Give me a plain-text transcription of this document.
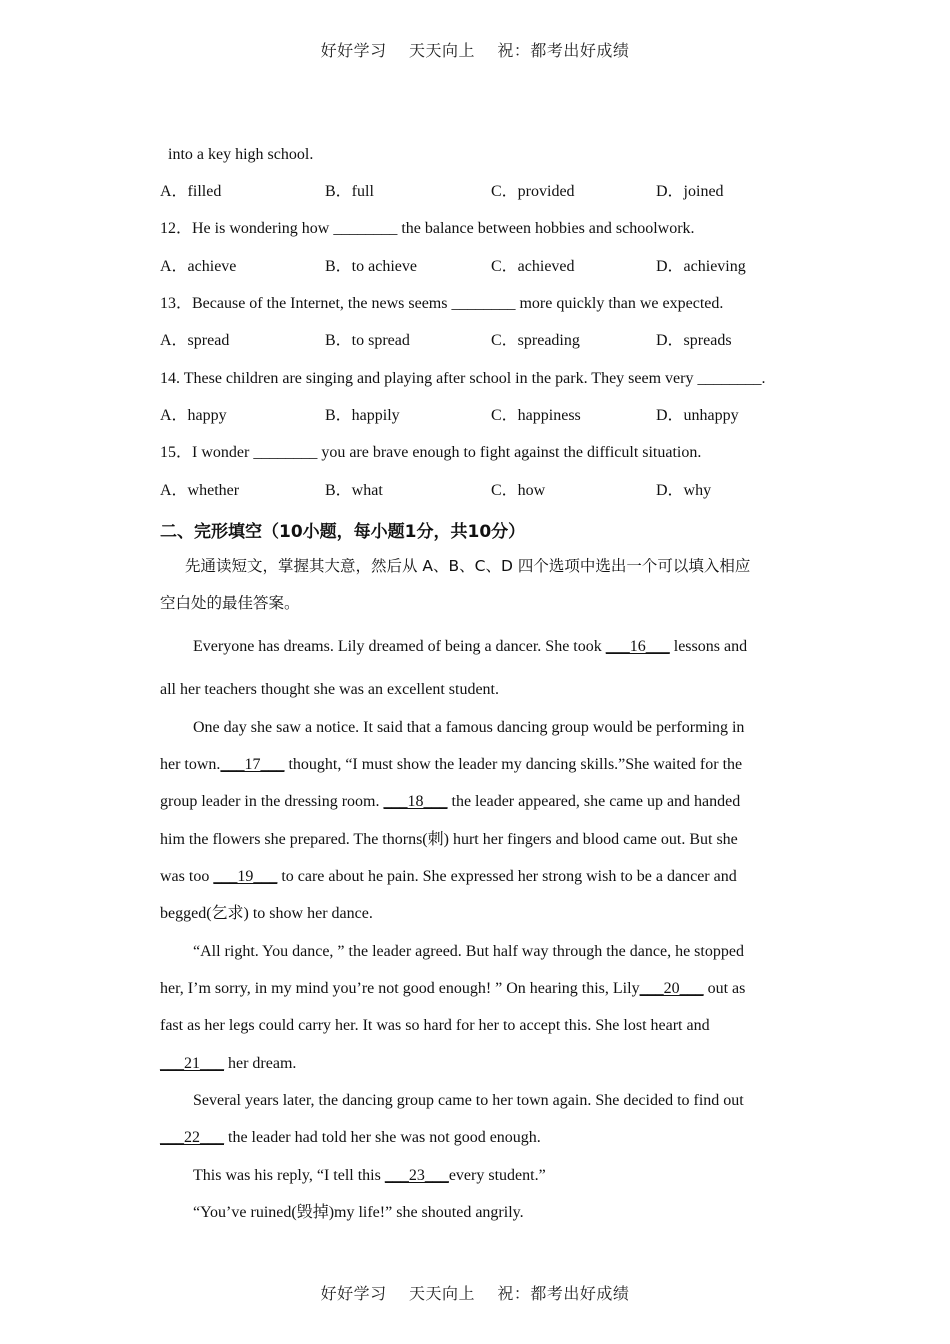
好好学习 天天向上 祝：都考出好成绩
into a key high school.
A．filled	B．full	C．provided	D．joined
12．He is wondering how ________ the balance between hobbies and schoolwork.
A．achieve	B．to achieve	C．achieved	D．achieving
13．Because of the Internet, the news seems ________ more quickly than we expected.
A．spread	B．to spread	C．spreading	D．spreads
14. These children are singing and playing after school in the park. They seem very ________.
A．happy	B．happily	C．happiness	D．unhappy
15．I wonder ________ you are brave enough to fight against the difficult situation.
A．whether	B．what	C．how	D．why
二、完形填空（10小题，每小题1分，共10分）
先通读短文，掌握其大意，然后从 A、B、C、D 四个选项中选出一个可以填入相应
空白处的最佳答案。
Everyone has dreams. Lily dreamed of being a dancer. She took ___16___ lessons and
all her teachers thought she was an excellent student.
One day she saw a notice. It said that a famous dancing group would be performing in
her town.___17___ thought, “I must show the leader my dancing skills.”She waited for the
group leader in the dressing room. ___18___ the leader appeared, she came up and handed
him the flowers she prepared. The thorns(刺) hurt her fingers and blood came out. But she
was too ___19___ to care about he pain. She expressed her strong wish to be a dancer and
begged(乞求) to show her dance.
“All right. You dance, ” the leader agreed. But half way through the dance, he stopped
her, I’m sorry, in my mind you’re not good enough! ” On hearing this, Lily___20___ out as
fast as her legs could carry her. It was so hard for her to accept this. She lost heart and
___21___ her dream.
Several years later, the dancing group came to her town again. She decided to find out
___22___ the leader had told her she was not good enough.
This was his reply, “I tell this ___23___every student.”
“You’ve ruined(毁掉)my life!” she shouted angrily.
好好学习 天天向上 祝：都考出好成绩
